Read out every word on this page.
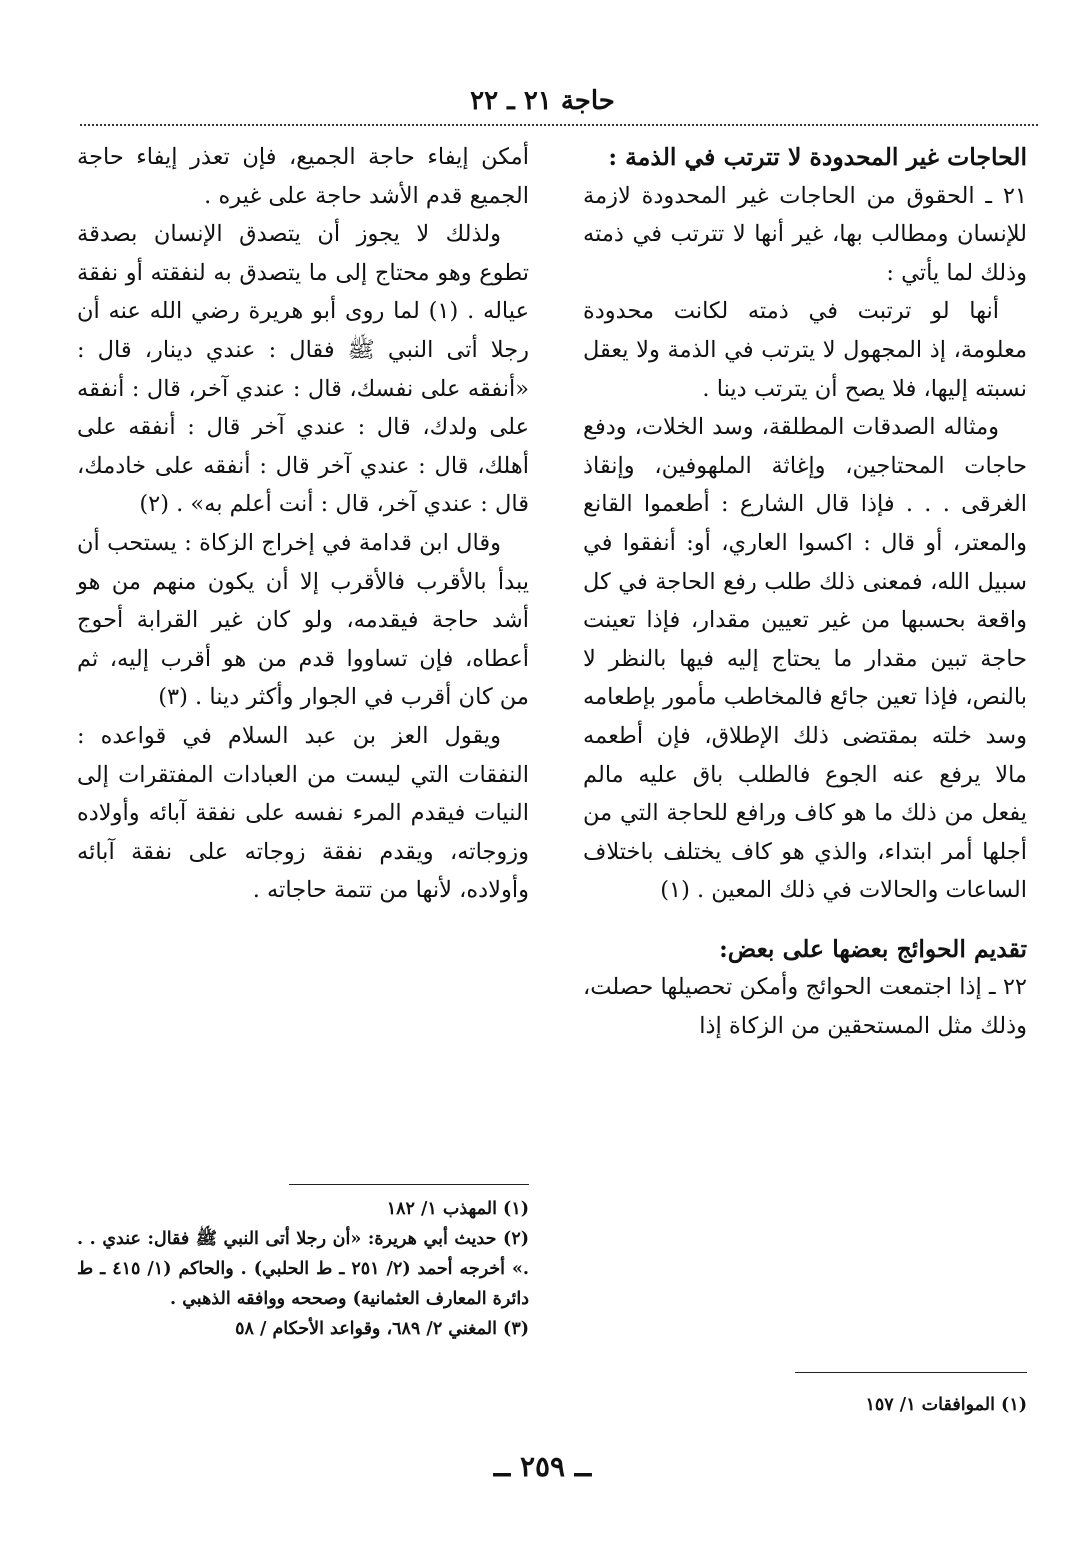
حاجة ٢١ ـ ٢٢

الحاجات غير المحدودة لا تترتب في الذمة :

٢١ ـ الحقوق من الحاجات غير المحدودة لازمة للإنسان ومطالب بها، غير أنها لا تترتب في ذمته وذلك لما يأتي :

أنها لو ترتبت في ذمته لكانت محدودة معلومة، إذ المجهول لا يترتب في الذمة ولا يعقل نسبته إليها، فلا يصح أن يترتب دينا .

ومثاله الصدقات المطلقة، وسد الخلات، ودفع حاجات المحتاجين، وإغاثة الملهوفين، وإنقاذ الغرقى . . . فإذا قال الشارع : أطعموا القانع والمعتر، أو قال : اكسوا العاري، أو: أنفقوا في سبيل الله، فمعنى ذلك طلب رفع الحاجة في كل واقعة بحسبها من غير تعيين مقدار، فإذا تعينت حاجة تبين مقدار ما يحتاج إليه فيها بالنظر لا بالنص، فإذا تعين جائع فالمخاطب مأمور بإطعامه وسد خلته بمقتضى ذلك الإطلاق، فإن أطعمه مالا يرفع عنه الجوع فالطلب باق عليه مالم يفعل من ذلك ما هو كاف ورافع للحاجة التي من أجلها أمر ابتداء، والذي هو كاف يختلف باختلاف الساعات والحالات في ذلك المعين . (١)

تقديم الحوائج بعضها على بعض:

٢٢ ـ إذا اجتمعت الحوائج وأمكن تحصيلها حصلت، وذلك مثل المستحقين من الزكاة إذا

أمكن إيفاء حاجة الجميع، فإن تعذر إيفاء حاجة الجميع قدم الأشد حاجة على غيره .

ولذلك لا يجوز أن يتصدق الإنسان بصدقة تطوع وهو محتاج إلى ما يتصدق به لنفقته أو نفقة عياله . (١) لما روى أبو هريرة رضي الله عنه أن رجلا أتى النبي ﷺ فقال : عندي دينار، قال : «أنفقه على نفسك، قال : عندي آخر، قال : أنفقه على ولدك، قال : عندي آخر قال : أنفقه على أهلك، قال : عندي آخر قال : أنفقه على خادمك، قال : عندي آخر، قال : أنت أعلم به» . (٢)

وقال ابن قدامة في إخراج الزكاة : يستحب أن يبدأ بالأقرب فالأقرب إلا أن يكون منهم من هو أشد حاجة فيقدمه، ولو كان غير القرابة أحوج أعطاه، فإن تساووا قدم من هو أقرب إليه، ثم من كان أقرب في الجوار وأكثر دينا . (٣)

ويقول العز بن عبد السلام في قواعده : النفقات التي ليست من العبادات المفتقرات إلى النيات فيقدم المرء نفسه على نفقة آبائه وأولاده وزوجاته، ويقدم نفقة زوجاته على نفقة آبائه وأولاده، لأنها من تتمة حاجاته .

(١) الموافقات ١/ ١٥٧

(١) المهذب ١/ ١٨٢

(٢) حديث أبي هريرة: «أن رجلا أتى النبي ﷺ فقال: عندي . . .» أخرجه أحمد (٢/ ٢٥١ ـ ط الحلبي) . والحاكم (١/ ٤١٥ ـ ط دائرة المعارف العثمانية) وصححه ووافقه الذهبي .

(٣) المغني ٢/ ٦٨٩، وقواعد الأحكام / ٥٨

ــ ٢٥٩ ــ
